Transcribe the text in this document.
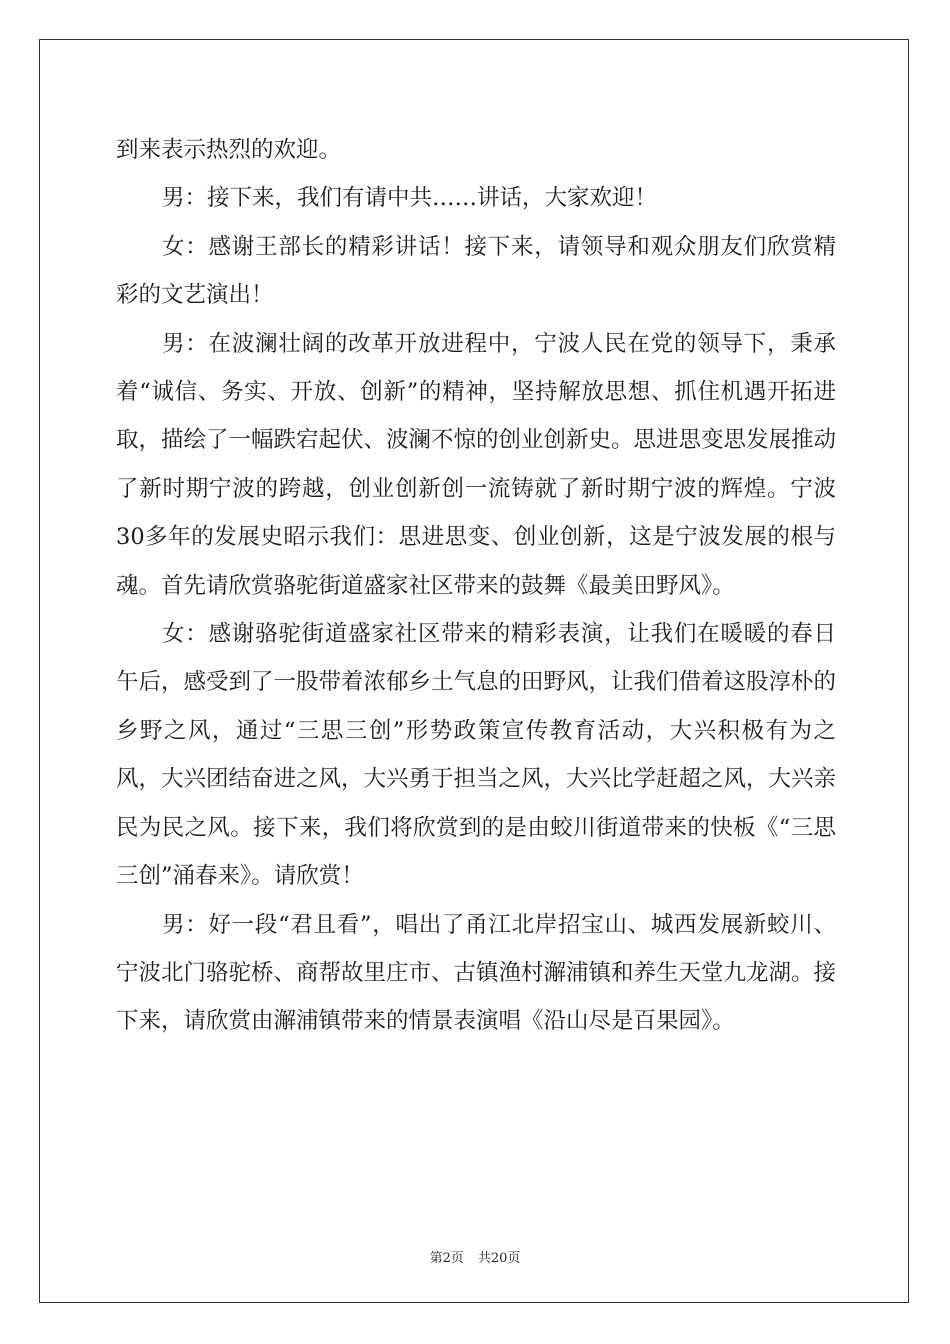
到来表示热烈的欢迎。

男：接下来，我们有请中共……讲话，大家欢迎！

女：感谢王部长的精彩讲话！接下来，请领导和观众朋友们欣赏精彩的文艺演出！

男：在波澜壮阔的改革开放进程中，宁波人民在党的领导下，秉承着“诚信、务实、开放、创新”的精神，坚持解放思想、抓住机遇开拓进取，描绘了一幅跌宕起伏、波澜不惊的创业创新史。思进思变思发展推动了新时期宁波的跨越，创业创新创一流铸就了新时期宁波的辉煌。宁波30多年的发展史昭示我们：思进思变、创业创新，这是宁波发展的根与魂。首先请欣赏骆驼街道盛家社区带来的鼓舞《最美田野风》。

女：感谢骆驼街道盛家社区带来的精彩表演，让我们在暖暖的春日午后，感受到了一股带着浓郁乡土气息的田野风，让我们借着这股淳朴的乡野之风，通过“三思三创”形势政策宣传教育活动，大兴积极有为之风，大兴团结奋进之风，大兴勇于担当之风，大兴比学赶超之风，大兴亲民为民之风。接下来，我们将欣赏到的是由蛟川街道带来的快板《“三思三创”涌春来》。请欣赏！

男：好一段“君且看”，唱出了甬江北岸招宝山、城西发展新蛟川、宁波北门骆驼桥、商帮故里庄市、古镇渔村澥浦镇和养生天堂九龙湖。接下来，请欣赏由澥浦镇带来的情景表演唱《沿山尽是百果园》。

第2页 共20页
